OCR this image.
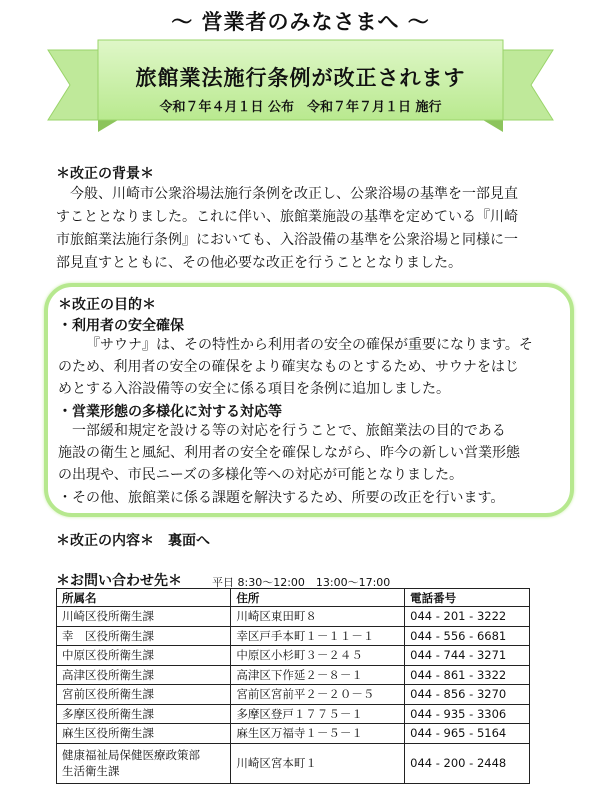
～ 営業者のみなさまへ ～
旅館業法施行条例が改正されます
令和７年４月１日 公布　令和７年７月１日 施行
＊改正の背景＊
今般、川崎市公衆浴場法施行条例を改正し、公衆浴場の基準を一部見直
すこととなりました。これに伴い、旅館業施設の基準を定めている『川崎
市旅館業法施行条例』においても、入浴設備の基準を公衆浴場と同様に一
部見直すとともに、その他必要な改正を行うこととなりました。
＊改正の目的＊
・利用者の安全確保
『サウナ』は、その特性から利用者の安全の確保が重要になります。そ
のため、利用者の安全の確保をより確実なものとするため、サウナをはじ
めとする入浴設備等の安全に係る項目を条例に追加しました。
・営業形態の多様化に対する対応等
一部緩和規定を設ける等の対応を行うことで、旅館業法の目的である
施設の衛生と風紀、利用者の安全を確保しながら、昨今の新しい営業形態
の出現や、市民ニーズの多様化等への対応が可能となりました。
・その他、旅館業に係る課題を解決するため、所要の改正を行います。
＊改正の内容＊　裏面へ
＊お問い合わせ先＊	平日 8:30～12:00　13:00～17:00
所属名	住所	電話番号
川崎区役所衛生課	川崎区東田町８	044 - 201 - 3222
幸　区役所衛生課	幸区戸手本町１－１１－１	044 - 556 - 6681
中原区役所衛生課	中原区小杉町３－２４５	044 - 744 - 3271
高津区役所衛生課	高津区下作延２－８－１	044 - 861 - 3322
宮前区役所衛生課	宮前区宮前平２－２０－５	044 - 856 - 3270
多摩区役所衛生課	多摩区登戸１７７５－１	044 - 935 - 3306
麻生区役所衛生課	麻生区万福寺１－５－１	044 - 965 - 5164

健康福祉局保健医療政策部
生活衛生課	川崎区宮本町１	044 - 200 - 2448
